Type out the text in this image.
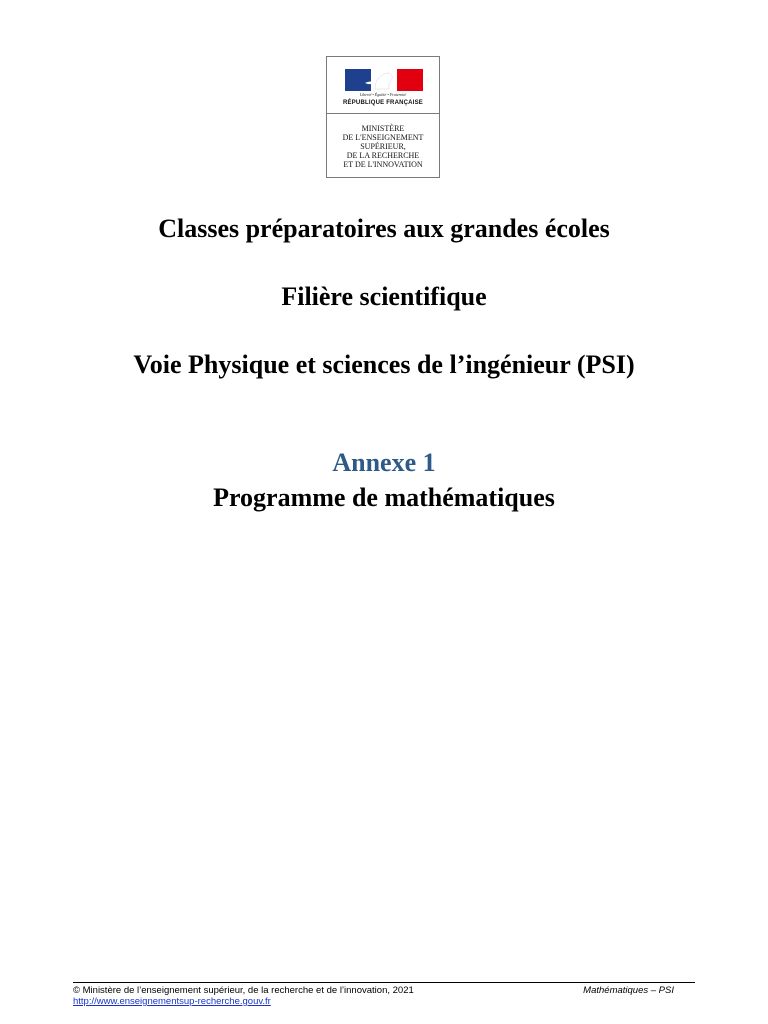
Liberté • Égalité • Fraternité
RÉPUBLIQUE FRANÇAISE
MINISTÈRE
DE L'ENSEIGNEMENT
SUPÉRIEUR,
DE LA RECHERCHE
ET DE L'INNOVATION
Classes préparatoires aux grandes écoles
Filière scientifique
Voie Physique et sciences de l’ingénieur (PSI)
Annexe 1
Programme de mathématiques
© Ministère de l’enseignement supérieur, de la recherche et de l’innovation, 2021	Mathématiques – PSI
http://www.enseignementsup-recherche.gouv.fr
